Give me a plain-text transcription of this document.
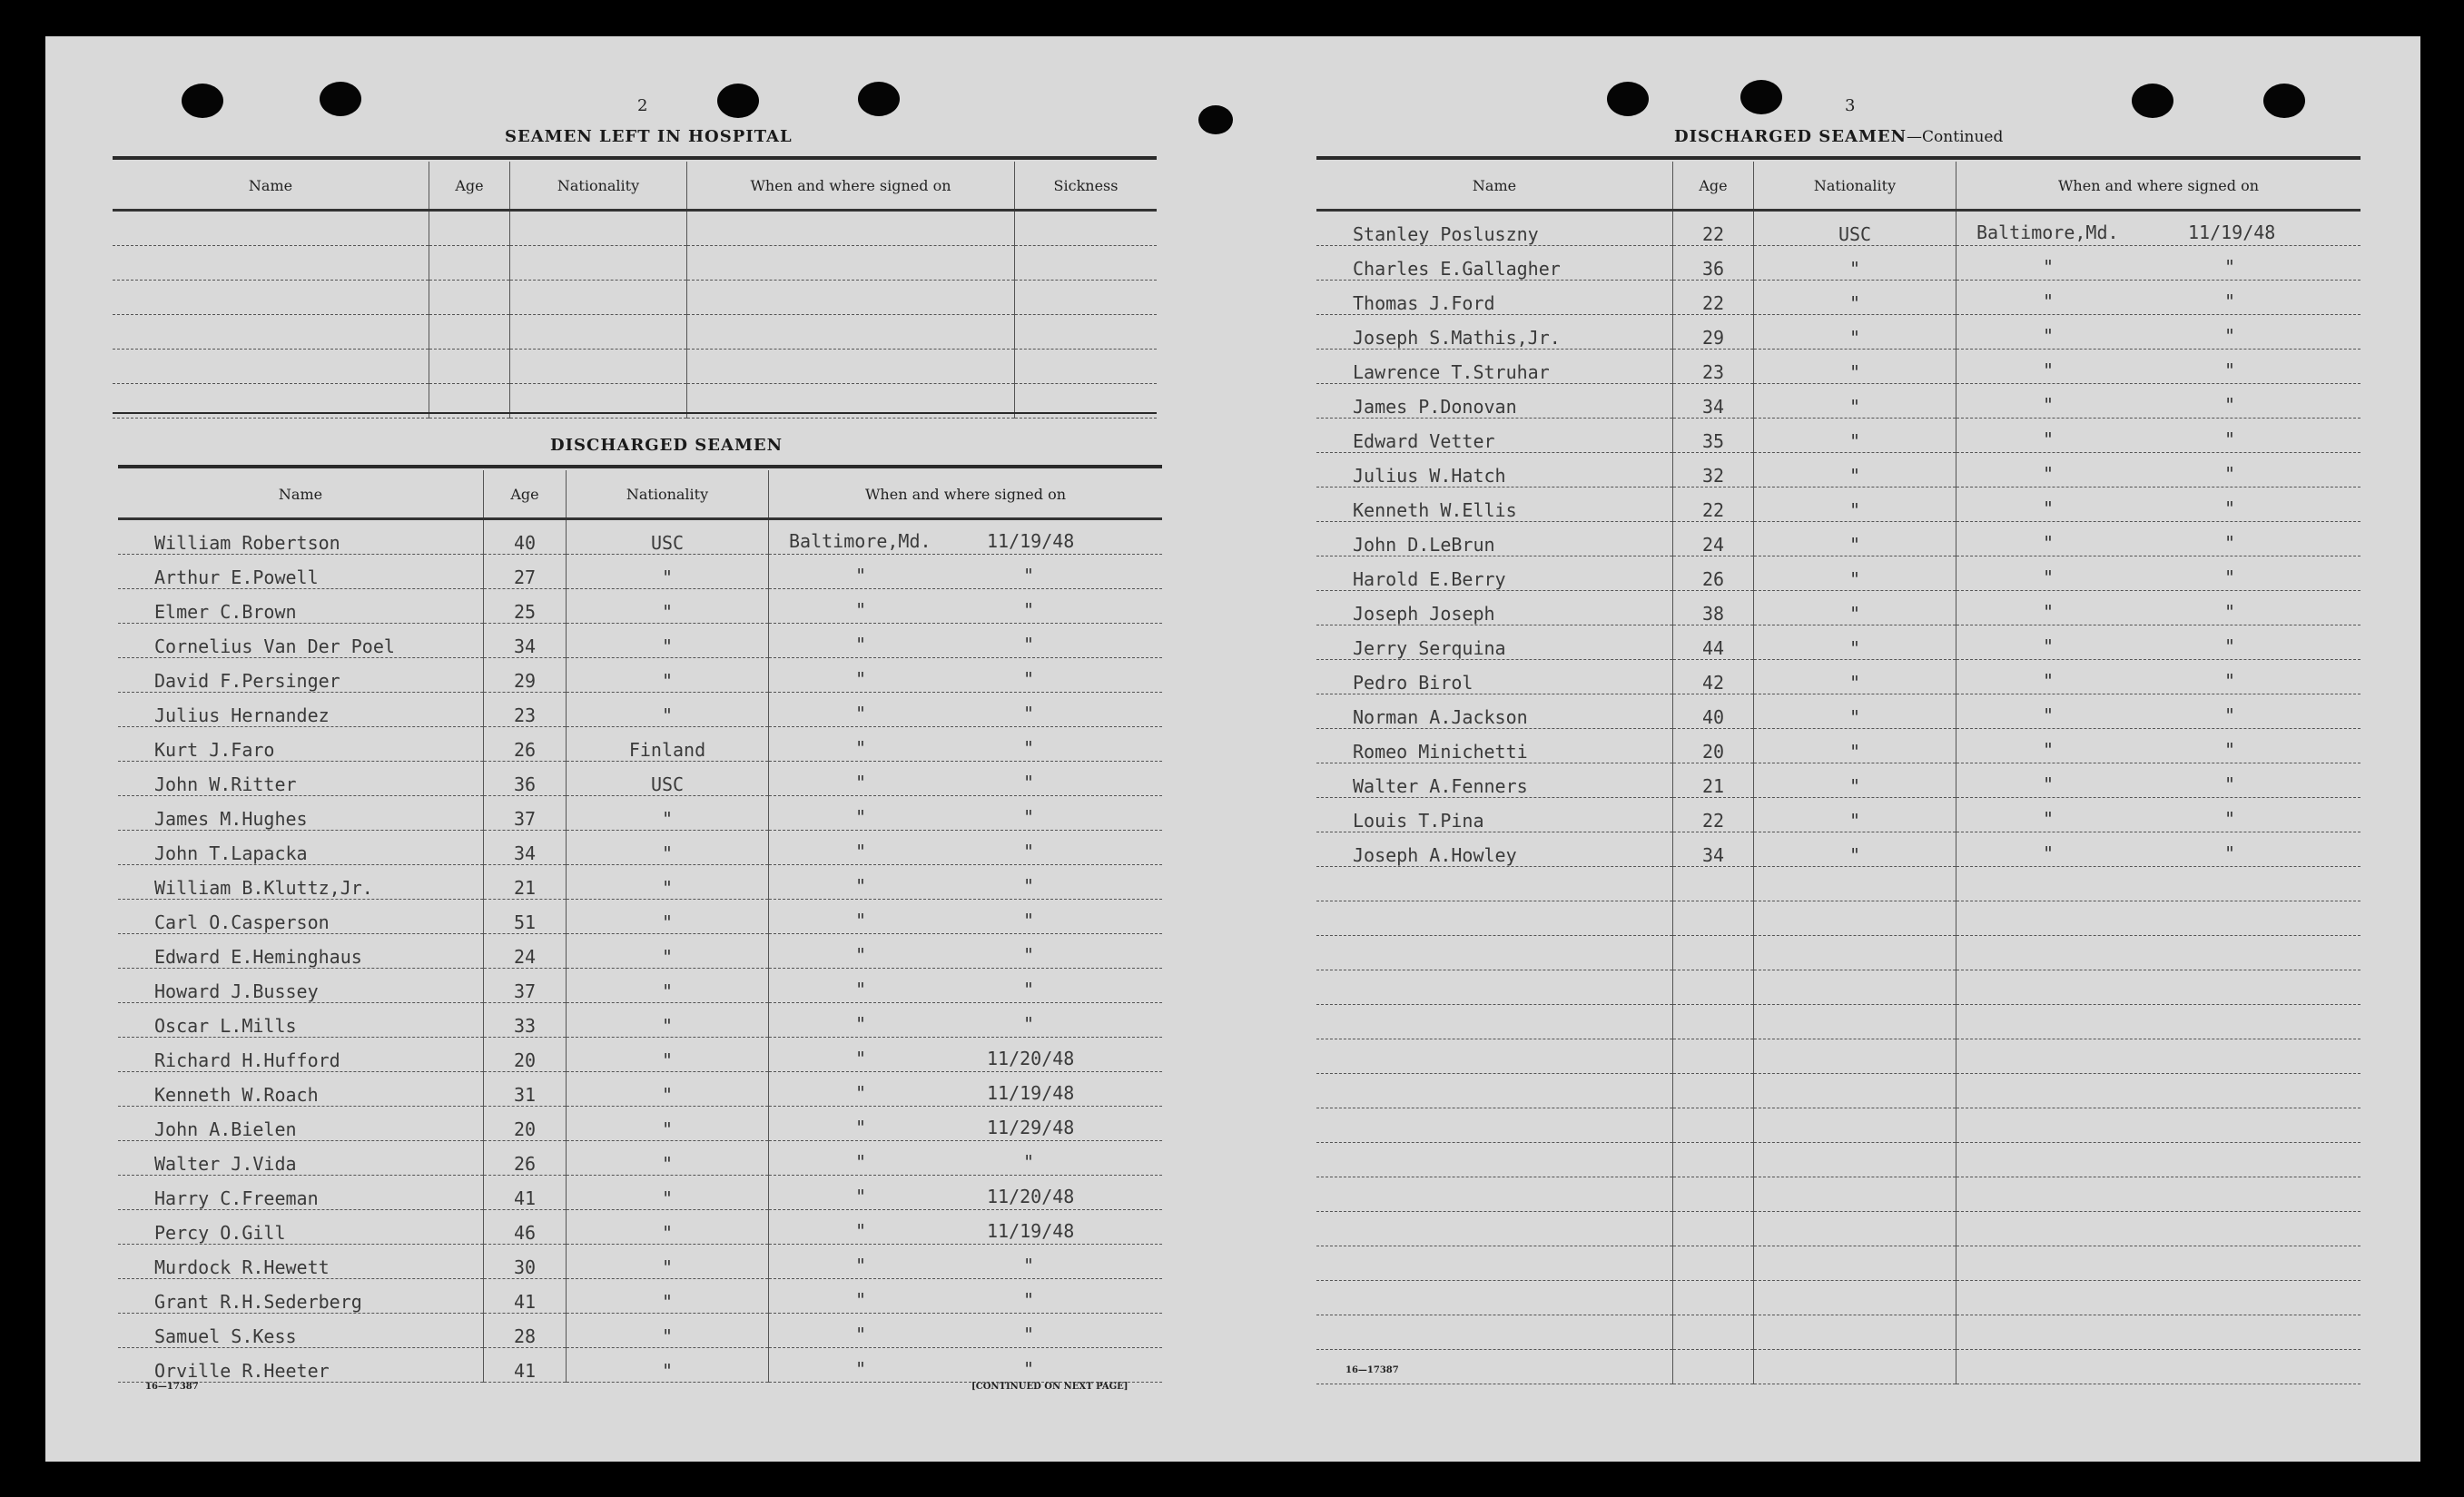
2
SEAMEN LEFT IN HOSPITAL
Name	Age	Nationality	When and where signed on	Sickness

DISCHARGED SEAMEN
Name	Age	Nationality	When and where signed on
William Robertson	40	USC	Baltimore,Md. 11/19/48

Arthur E.Powell	27	"	" "

Elmer C.Brown	25	"	" "

Cornelius Van Der Poel	34	"	" "

David F.Persinger	29	"	" "

Julius Hernandez	23	"	" "

Kurt J.Faro	26	Finland	" "

John W.Ritter	36	USC	" "

James M.Hughes	37	"	" "

John T.Lapacka	34	"	" "

William B.Kluttz,Jr.	21	"	" "

Carl O.Casperson	51	"	" "

Edward E.Heminghaus	24	"	" "

Howard J.Bussey	37	"	" "

Oscar L.Mills	33	"	" "

Richard H.Hufford	20	"	" 11/20/48

Kenneth W.Roach	31	"	" 11/19/48

John A.Bielen	20	"	" 11/29/48

Walter J.Vida	26	"	" "

Harry C.Freeman	41	"	" 11/20/48

Percy O.Gill	46	"	" 11/19/48

Murdock R.Hewett	30	"	" "

Grant R.H.Sederberg	41	"	" "

Samuel S.Kess	28	"	" "

Orville R.Heeter	41	"	" "
16—17387	[CONTINUED ON NEXT PAGE]
3
DISCHARGED SEAMEN—Continued
Name	Age	Nationality	When and where signed on
Stanley Posluszny	22	USC	Baltimore,Md. 11/19/48

Charles E.Gallagher	36	"	" "

Thomas J.Ford	22	"	" "

Joseph S.Mathis,Jr.	29	"	" "

Lawrence T.Struhar	23	"	" "

James P.Donovan	34	"	" "

Edward Vetter	35	"	" "

Julius W.Hatch	32	"	" "

Kenneth W.Ellis	22	"	" "

John D.LeBrun	24	"	" "

Harold E.Berry	26	"	" "

Joseph Joseph	38	"	" "

Jerry Serquina	44	"	" "

Pedro Birol	42	"	" "

Norman A.Jackson	40	"	" "

Romeo Minichetti	20	"	" "

Walter A.Fenners	21	"	" "

Louis T.Pina	22	"	" "

Joseph A.Howley	34	"	" "

16—17387
